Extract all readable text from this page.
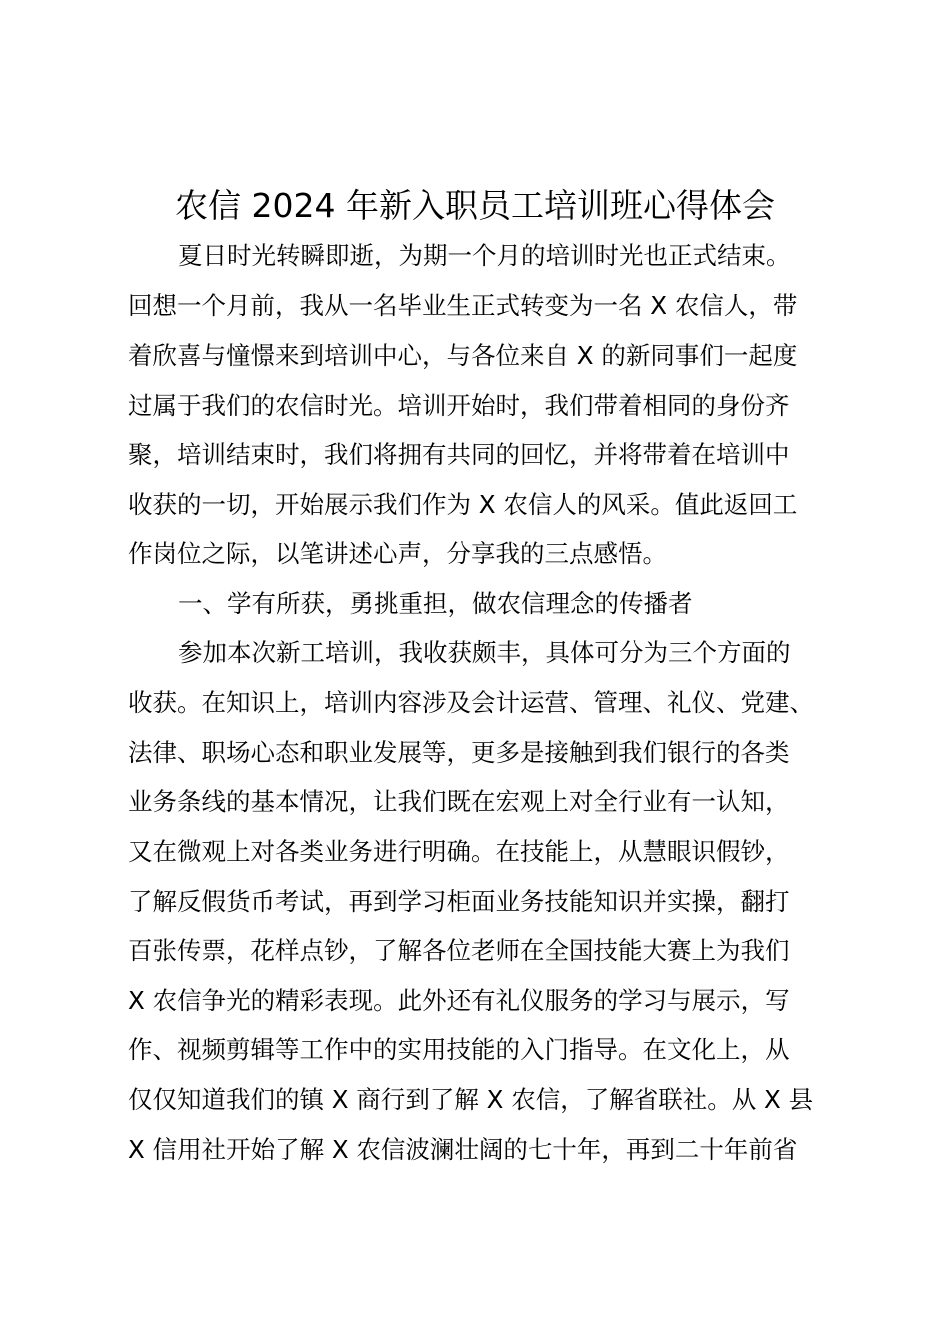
农信 2024 年新入职员工培训班心得体会
夏日时光转瞬即逝，为期一个月的培训时光也正式结束。
回想一个月前，我从一名毕业生正式转变为一名 X 农信人，带
着欣喜与憧憬来到培训中心，与各位来自 X 的新同事们一起度
过属于我们的农信时光。培训开始时，我们带着相同的身份齐
聚，培训结束时，我们将拥有共同的回忆，并将带着在培训中
收获的一切，开始展示我们作为 X 农信人的风采。值此返回工
作岗位之际，以笔讲述心声，分享我的三点感悟。
一、学有所获，勇挑重担，做农信理念的传播者
参加本次新工培训，我收获颇丰，具体可分为三个方面的
收获。在知识上，培训内容涉及会计运营、管理、礼仪、党建、
法律、职场心态和职业发展等，更多是接触到我们银行的各类
业务条线的基本情况，让我们既在宏观上对全行业有一认知，
又在微观上对各类业务进行明确。在技能上，从慧眼识假钞，
了解反假货币考试，再到学习柜面业务技能知识并实操，翻打
百张传票，花样点钞，了解各位老师在全国技能大赛上为我们
X 农信争光的精彩表现。此外还有礼仪服务的学习与展示，写
作、视频剪辑等工作中的实用技能的入门指导。在文化上，从
仅仅知道我们的镇 X 商行到了解 X 农信，了解省联社。从 X 县
X 信用社开始了解 X 农信波澜壮阔的七十年，再到二十年前省
